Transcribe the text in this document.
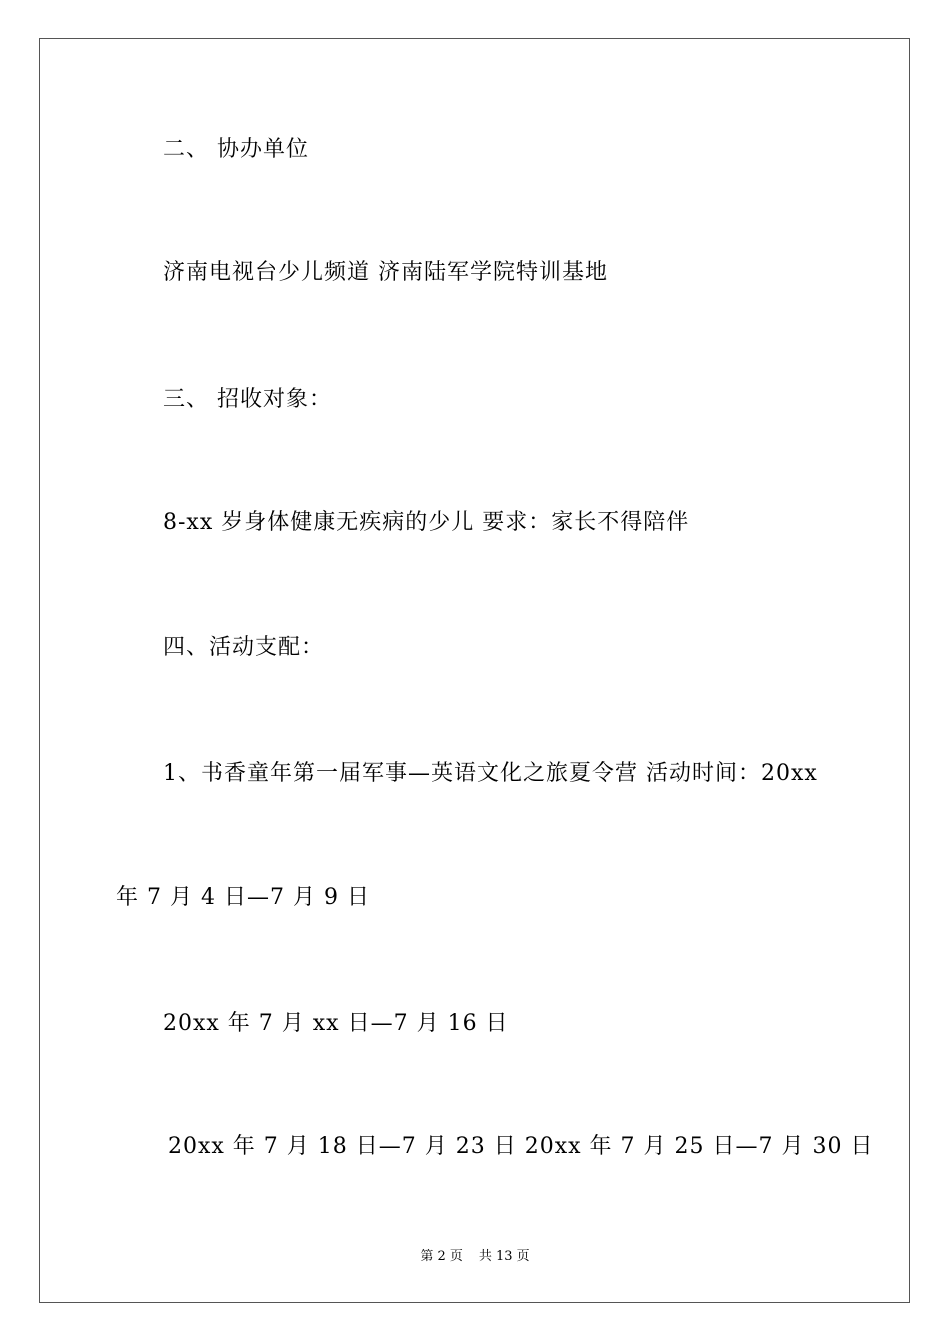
二、 协办单位
济南电视台少儿频道 济南陆军学院特训基地
三、 招收对象：
8-xx 岁身体健康无疾病的少儿 要求：家长不得陪伴
四、活动支配：
1、书香童年第一届军事—英语文化之旅夏令营 活动时间：20xx
年 7 月 4 日—7 月 9 日
20xx 年 7 月 xx 日—7 月 16 日
20xx 年 7 月 18 日—7 月 23 日 20xx 年 7 月 25 日—7 月 30 日
第 2 页 共 13 页
